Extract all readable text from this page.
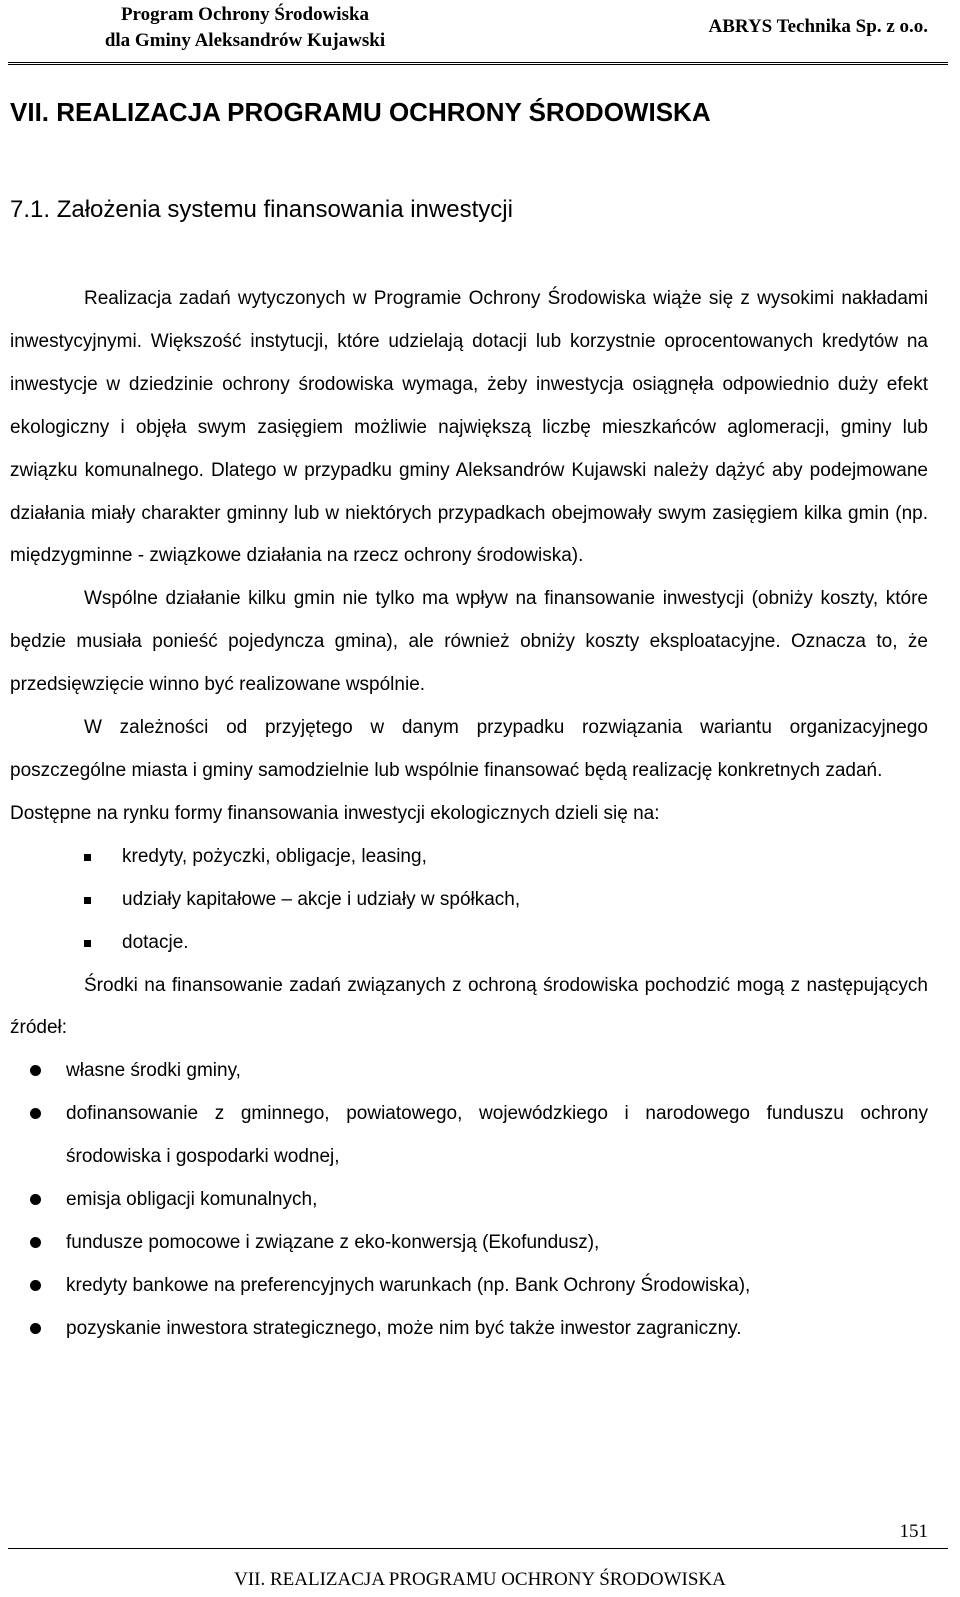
Program Ochrony Środowiska
dla Gminy Aleksandrów Kujawski
ABRYS Technika Sp. z o.o.
VII. REALIZACJA PROGRAMU OCHRONY ŚRODOWISKA
7.1. Założenia systemu finansowania inwestycji

Realizacja zadań wytyczonych w Programie Ochrony Środowiska wiąże się z wysokimi nakładami inwestycyjnymi. Większość instytucji, które udzielają dotacji lub korzystnie oprocentowanych kredytów na inwestycje w dziedzinie ochrony środowiska wymaga, żeby inwestycja osiągnęła odpowiednio duży efekt ekologiczny i objęła swym zasięgiem możliwie największą liczbę mieszkańców aglomeracji, gminy lub związku komunalnego. Dlatego w przypadku gminy Aleksandrów Kujawski należy dążyć aby podejmowane działania miały charakter gminny lub w niektórych przypadkach obejmowały swym zasięgiem kilka gmin (np. międzygminne - związkowe działania na rzecz ochrony środowiska).

Wspólne działanie kilku gmin nie tylko ma wpływ na finansowanie inwestycji (obniży koszty, które będzie musiała ponieść pojedyncza gmina), ale również obniży koszty eksploatacyjne. Oznacza to, że przedsięwzięcie winno być realizowane wspólnie.

W zależności od przyjętego w danym przypadku rozwiązania wariantu organizacyjnego poszczególne miasta i gminy samodzielnie lub wspólnie finansować będą realizację konkretnych zadań.

Dostępne na rynku formy finansowania inwestycji ekologicznych dzieli się na:

kredyty, pożyczki, obligacje, leasing,
udziały kapitałowe – akcje i udziały w spółkach,
dotacje.

Środki na finansowanie zadań związanych z ochroną środowiska pochodzić mogą z następujących źródeł:

własne środki gminy,
dofinansowanie z gminnego, powiatowego, wojewódzkiego i narodowego funduszu ochrony środowiska i gospodarki wodnej,
emisja obligacji komunalnych,
fundusze pomocowe i związane z eko-konwersją (Ekofundusz),
kredyty bankowe na preferencyjnych warunkach (np. Bank Ochrony Środowiska),
pozyskanie inwestora strategicznego, może nim być także inwestor zagraniczny.
151
VII. REALIZACJA PROGRAMU OCHRONY ŚRODOWISKA
